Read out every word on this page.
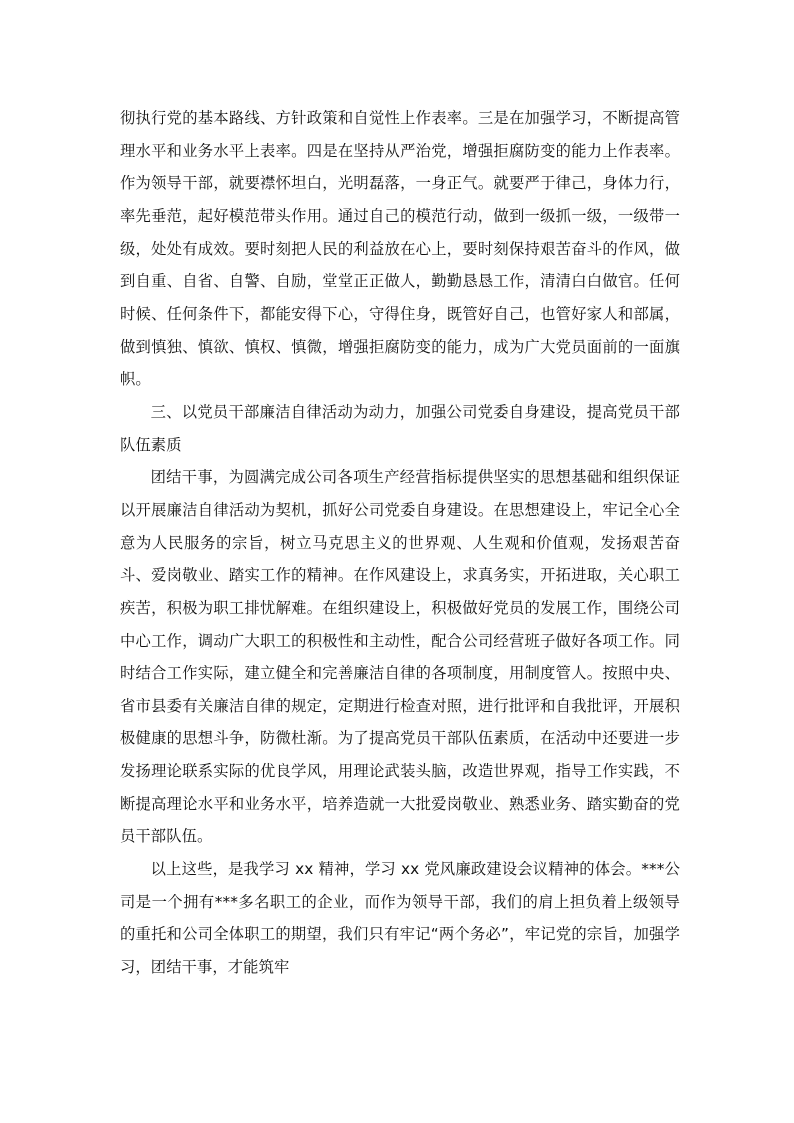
彻执行党的基本路线、方针政策和自觉性上作表率。三是在加强学习，不断提高管理水平和业务水平上表率。四是在坚持从严治党，增强拒腐防变的能力上作表率。作为领导干部，就要襟怀坦白，光明磊落，一身正气。就要严于律己，身体力行，率先垂范，起好模范带头作用。通过自己的模范行动，做到一级抓一级，一级带一级，处处有成效。要时刻把人民的利益放在心上，要时刻保持艰苦奋斗的作风，做到自重、自省、自警、自励，堂堂正正做人，勤勤恳恳工作，清清白白做官。任何时候、任何条件下，都能安得下心，守得住身，既管好自己，也管好家人和部属，做到慎独、慎欲、慎权、慎微，增强拒腐防变的能力，成为广大党员面前的一面旗帜。

三、以党员干部廉洁自律活动为动力，加强公司党委自身建设，提高党员干部队伍素质

团结干事，为圆满完成公司各项生产经营指标提供坚实的思想基础和组织保证以开展廉洁自律活动为契机，抓好公司党委自身建设。在思想建设上，牢记全心全意为人民服务的宗旨，树立马克思主义的世界观、人生观和价值观，发扬艰苦奋斗、爱岗敬业、踏实工作的精神。在作风建设上，求真务实，开拓进取，关心职工疾苦，积极为职工排忧解难。在组织建设上，积极做好党员的发展工作，围绕公司中心工作，调动广大职工的积极性和主动性，配合公司经营班子做好各项工作。同时结合工作实际，建立健全和完善廉洁自律的各项制度，用制度管人。按照中央、省市县委有关廉洁自律的规定，定期进行检查对照，进行批评和自我批评，开展积极健康的思想斗争，防微杜渐。为了提高党员干部队伍素质，在活动中还要进一步发扬理论联系实际的优良学风，用理论武装头脑，改造世界观，指导工作实践，不断提高理论水平和业务水平，培养造就一大批爱岗敬业、熟悉业务、踏实勤奋的党员干部队伍。

以上这些，是我学习 xx 精神，学习 xx 党风廉政建设会议精神的体会。***公司是一个拥有***多名职工的企业，而作为领导干部，我们的肩上担负着上级领导的重托和公司全体职工的期望，我们只有牢记“两个务必”，牢记党的宗旨，加强学习，团结干事，才能筑牢
